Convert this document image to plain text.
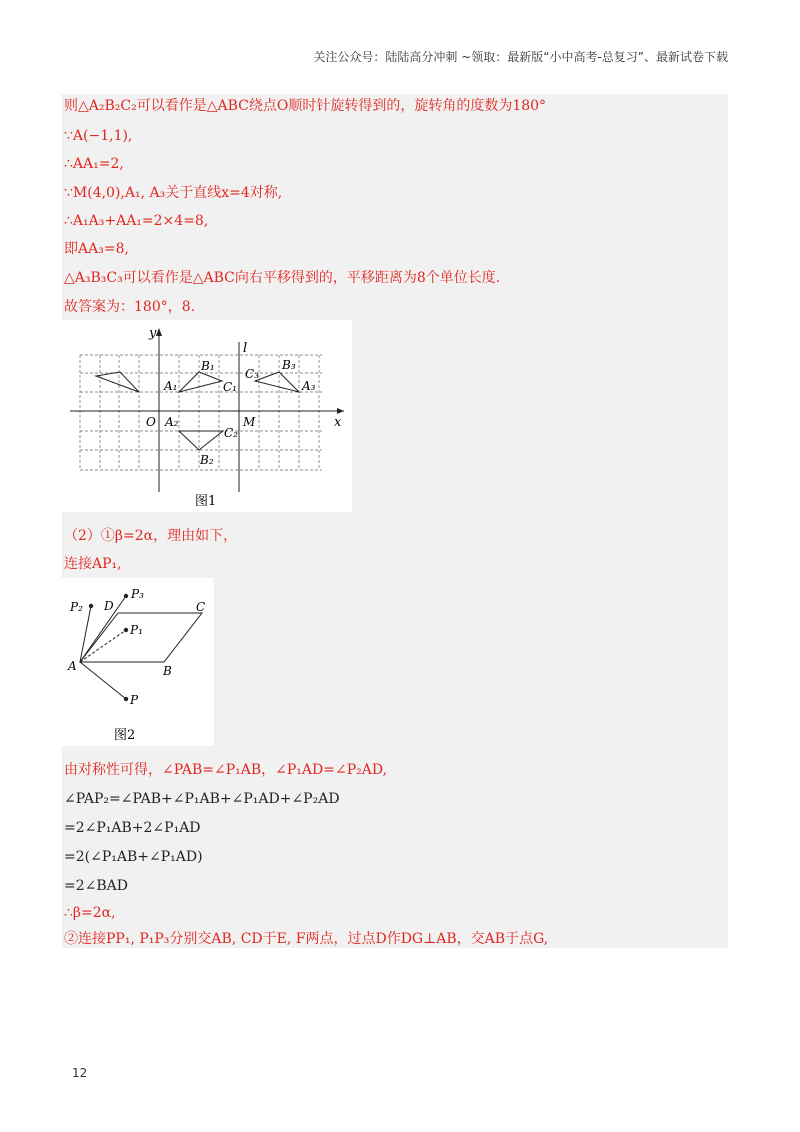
关注公众号：陆陆高分冲刺 ~领取：最新版“小中高考-总复习”、最新试卷下载
则△A₂B₂C₂可以看作是△ABC绕点O顺时针旋转得到的，旋转角的度数为180°
∵A(−1,1),
∴AA₁=2,
∵M(4,0),A₁, A₃关于直线x=4对称,
∴A₁A₃+AA₁=2×4=8,
即AA₃=8,
△A₃B₃C₃可以看作是△ABC向右平移得到的，平移距离为8个单位长度.
故答案为：180°，8.
y
x
l
O	M
A₁
B₁
C₁
A₂
B₂
C₂
A₃
B₃
C₃
图1
（2）①β=2α，理由如下，
连接AP₁,
P₂
P₃
P₁
P
A	B
C
D
图2
由对称性可得，∠PAB=∠P₁AB，∠P₁AD=∠P₂AD,
∠PAP₂=∠PAB+∠P₁AB+∠P₁AD+∠P₂AD
=2∠P₁AB+2∠P₁AD
=2(∠P₁AB+∠P₁AD)
=2∠BAD
∴β=2α,
②连接PP₁, P₁P₃分别交AB, CD于E, F两点，过点D作DG⊥AB，交AB于点G,
12
